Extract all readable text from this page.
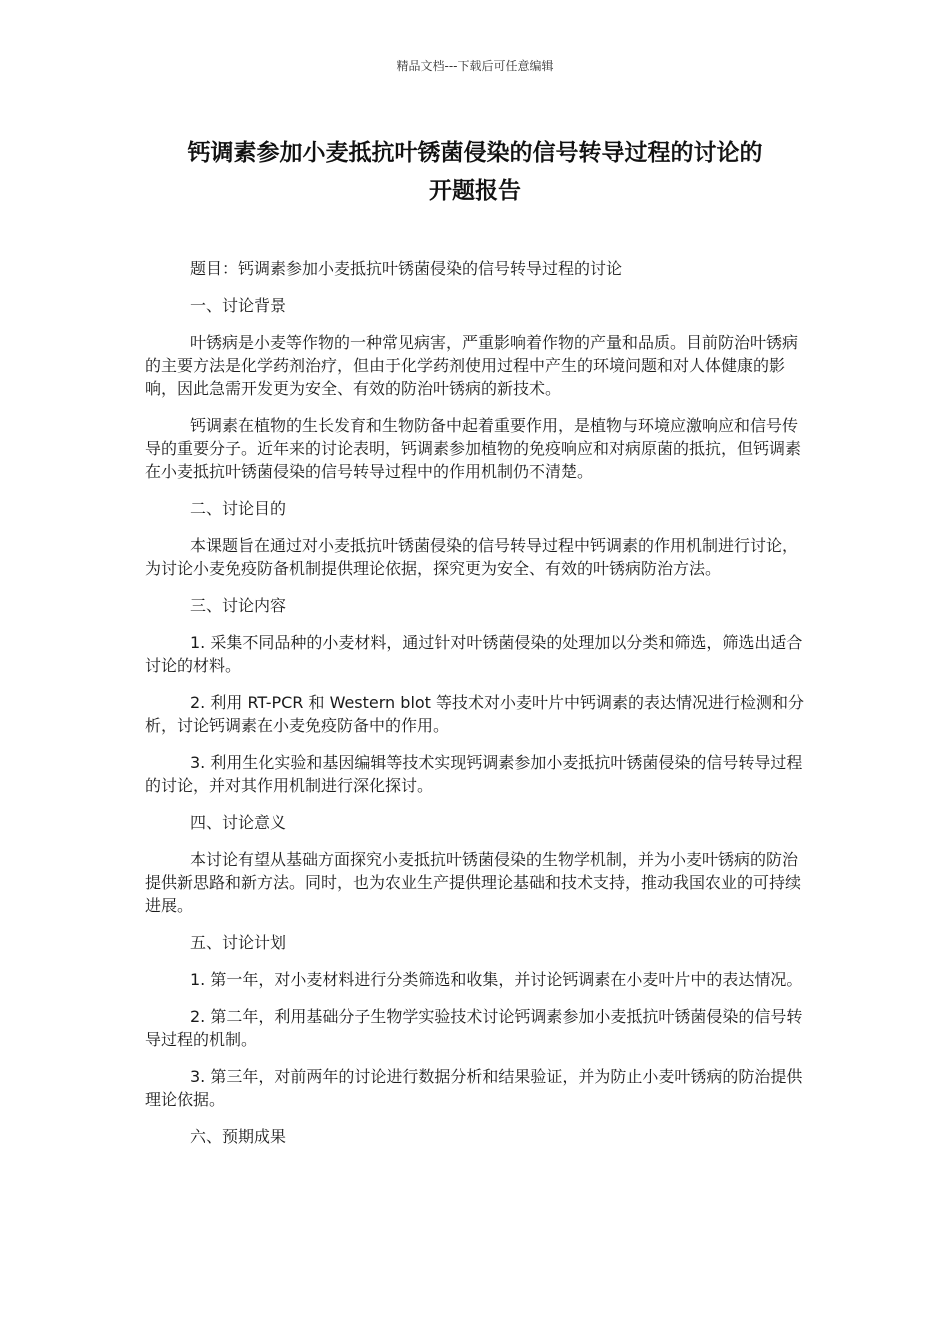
精品文档---下载后可任意编辑
钙调素参加小麦抵抗叶锈菌侵染的信号转导过程的讨论的
开题报告

题目：钙调素参加小麦抵抗叶锈菌侵染的信号转导过程的讨论

一、讨论背景

叶锈病是小麦等作物的一种常见病害，严重影响着作物的产量和品质。目前防治叶锈病的主要方法是化学药剂治疗，但由于化学药剂使用过程中产生的环境问题和对人体健康的影响，因此急需开发更为安全、有效的防治叶锈病的新技术。

钙调素在植物的生长发育和生物防备中起着重要作用，是植物与环境应激响应和信号传导的重要分子。近年来的讨论表明，钙调素参加植物的免疫响应和对病原菌的抵抗，但钙调素在小麦抵抗叶锈菌侵染的信号转导过程中的作用机制仍不清楚。

二、讨论目的

本课题旨在通过对小麦抵抗叶锈菌侵染的信号转导过程中钙调素的作用机制进行讨论，为讨论小麦免疫防备机制提供理论依据，探究更为安全、有效的叶锈病防治方法。

三、讨论内容

1. 采集不同品种的小麦材料，通过针对叶锈菌侵染的处理加以分类和筛选，筛选出适合讨论的材料。

2. 利用 RT-PCR 和 Western blot 等技术对小麦叶片中钙调素的表达情况进行检测和分析，讨论钙调素在小麦免疫防备中的作用。

3. 利用生化实验和基因编辑等技术实现钙调素参加小麦抵抗叶锈菌侵染的信号转导过程的讨论，并对其作用机制进行深化探讨。

四、讨论意义

本讨论有望从基础方面探究小麦抵抗叶锈菌侵染的生物学机制，并为小麦叶锈病的防治提供新思路和新方法。同时，也为农业生产提供理论基础和技术支持，推动我国农业的可持续进展。

五、讨论计划

1. 第一年，对小麦材料进行分类筛选和收集，并讨论钙调素在小麦叶片中的表达情况。

2. 第二年，利用基础分子生物学实验技术讨论钙调素参加小麦抵抗叶锈菌侵染的信号转导过程的机制。

3. 第三年，对前两年的讨论进行数据分析和结果验证，并为防止小麦叶锈病的防治提供理论依据。

六、预期成果
